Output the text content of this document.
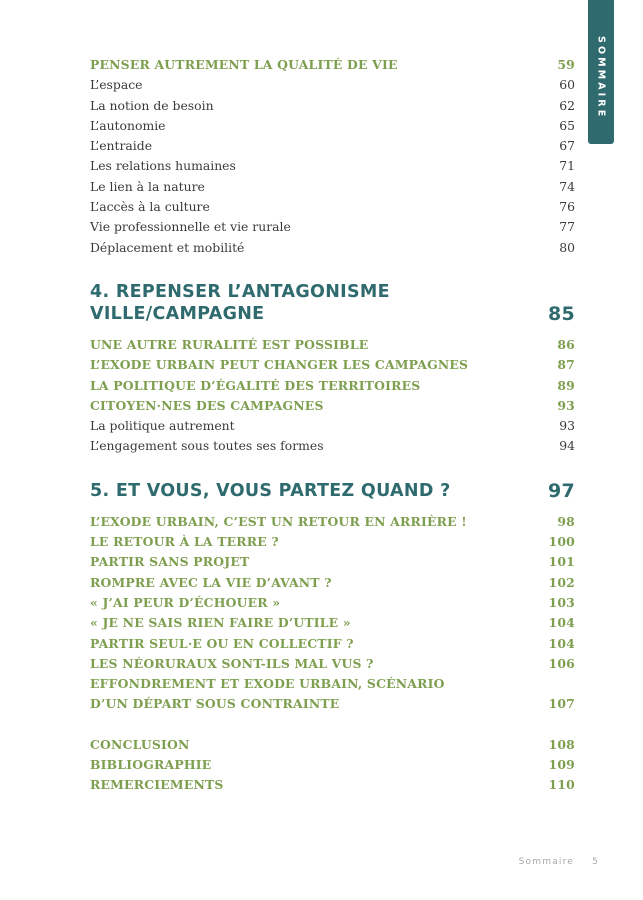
SOMMAIRE
PENSER AUTREMENT LA QUALITÉ DE VIE	59
L’espace	60
La notion de besoin	62
L’autonomie	65
L’entraide	67
Les relations humaines	71
Le lien à la nature	74
L’accès à la culture	76
Vie professionnelle et vie rurale	77
Déplacement et mobilité	80
4. REPENSER L’ANTAGONISME
VILLE/CAMPAGNE	85
UNE AUTRE RURALITÉ EST POSSIBLE	86
L’EXODE URBAIN PEUT CHANGER LES CAMPAGNES	87
LA POLITIQUE D’ÉGALITÉ DES TERRITOIRES	89
CITOYEN·NES DES CAMPAGNES	93
La politique autrement	93
L’engagement sous toutes ses formes	94
5. ET VOUS, VOUS PARTEZ QUAND ?	97
L’EXODE URBAIN, C’EST UN RETOUR EN ARRIÈRE !	98
LE RETOUR À LA TERRE ?	100
PARTIR SANS PROJET	101
ROMPRE AVEC LA VIE D’AVANT ?	102
« J’AI PEUR D’ÉCHOUER »	103
« JE NE SAIS RIEN FAIRE D’UTILE »	104
PARTIR SEUL·E OU EN COLLECTIF ?	104
LES NÉORURAUX SONT-ILS MAL VUS ?	106
EFFONDREMENT ET EXODE URBAIN, SCÉNARIO
D’UN DÉPART SOUS CONTRAINTE	107
CONCLUSION	108
BIBLIOGRAPHIE	109
REMERCIEMENTS	110
Sommaire 5
